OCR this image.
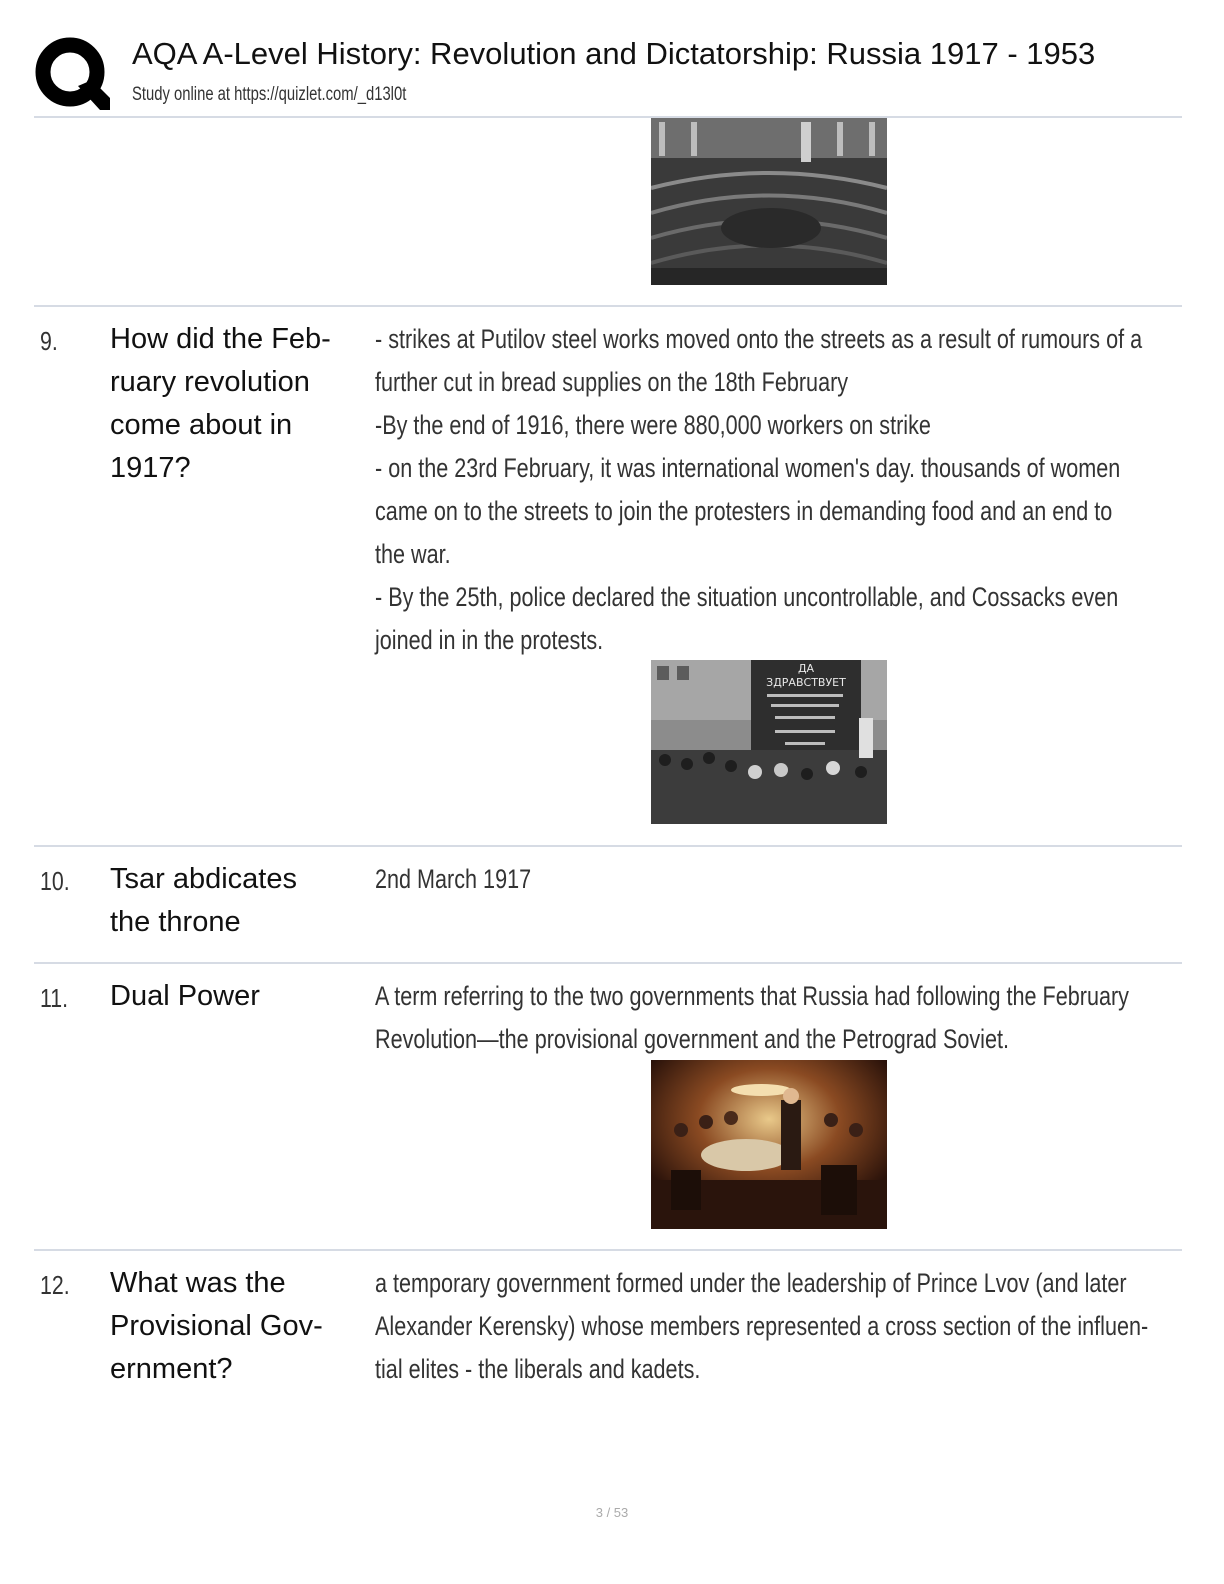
AQA A-Level History: Revolution and Dictatorship: Russia 1917 - 1953
Study online at https://quizlet.com/_d13l0t
9. How did the Feb-
ruary revolution
come about in
1917?
- strikes at Putilov steel works moved onto the streets as a result of rumours of a
further cut in bread supplies on the 18th February
-By the end of 1916, there were 880,000 workers on strike
- on the 23rd February, it was international women's day. thousands of women
came on to the streets to join the protesters in demanding food and an end to
the war.
- By the 25th, police declared the situation uncontrollable, and Cossacks even
joined in in the protests.
ДА
ЗДРАВСТВУЕТ
10. Tsar abdicates
the throne
2nd March 1917
11. Dual Power	A term referring to the two governments that Russia had following the February
Revolution—the provisional government and the Petrograd Soviet.
12. What was the
Provisional Gov-
ernment?
a temporary government formed under the leadership of Prince Lvov (and later
Alexander Kerensky) whose members represented a cross section of the influen-
tial elites - the liberals and kadets.
3 / 53
